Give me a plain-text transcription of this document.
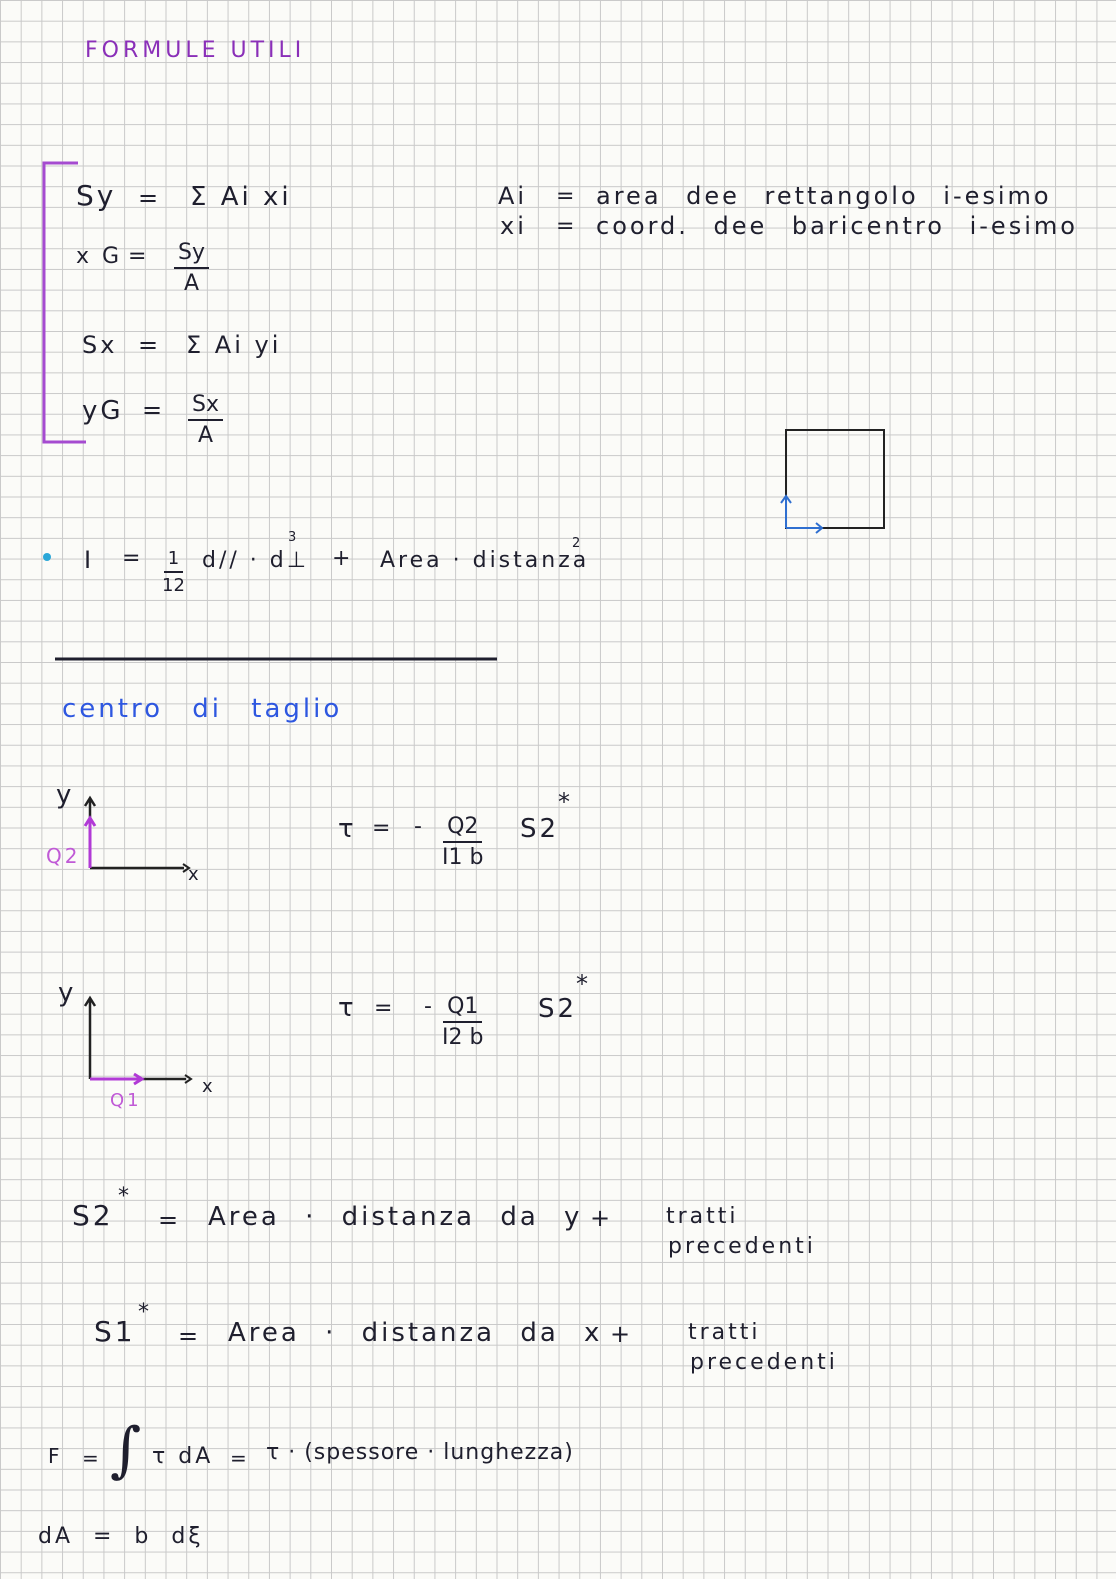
FORMULE UTILI
Sy = Σ Ai xi
x $G = \frac{Sy}{A}$
Sx = Σ Ai yi
yG = $\frac{Sx}{A}$
Ai = area dee rettangolo i-esimo
xi = coord. dee baricentro i-esimo
$I = \frac{1}{12} d//$ · d⊥
3
+ Area · distanza
2
centro di taglio
y
x
Q2
τ = - $\frac{Q2}{I1 b} S2$
*
y
x
Q1
τ = - $\frac{Q1}{I2 b} S2$
*
S2
*
= Area · distanza da y +	tratti
precedenti
S1
*
= Area · distanza da x +	tratti
precedenti
F = ∫ τ dA = τ · (spessore · lunghezza)
dA = b dξ
